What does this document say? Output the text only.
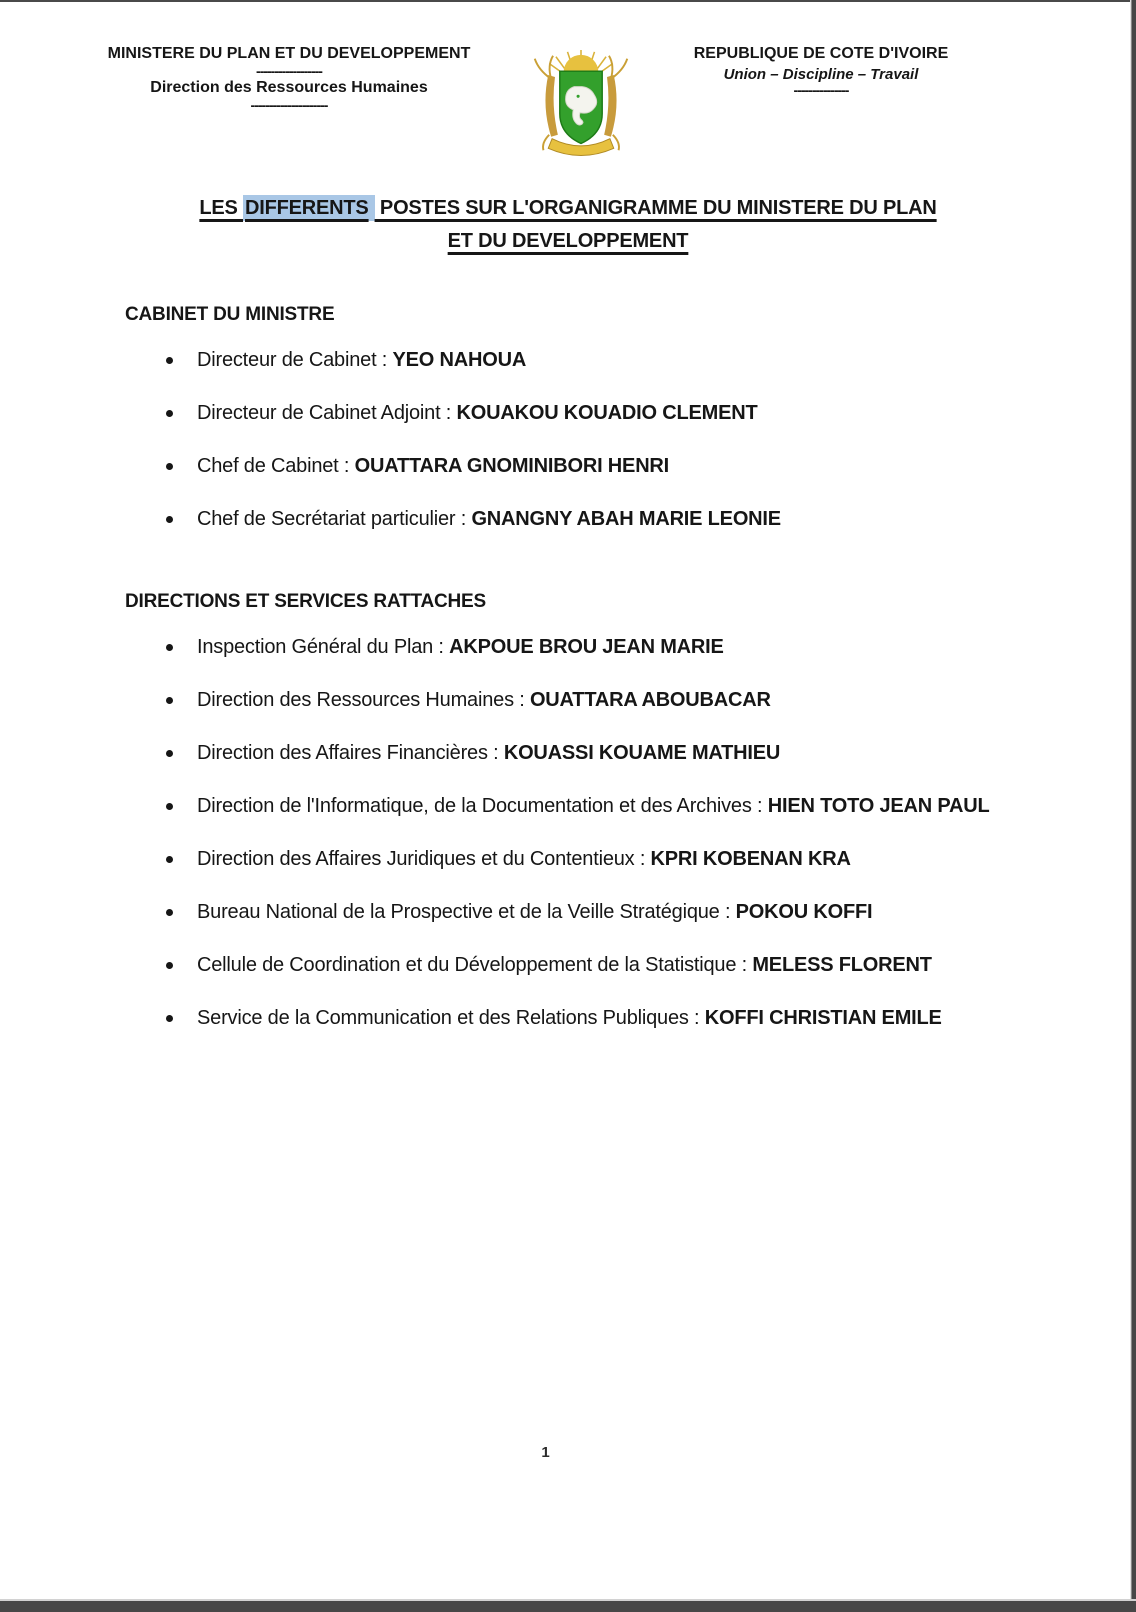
MINISTERE DU PLAN ET DU DEVELOPPEMENT
------------------
Direction des Ressources Humaines
---------------------
REPUBLIQUE DE COTE D'IVOIRE
Union – Discipline – Travail
---------------
LES DIFFERENTS POSTES SUR L'ORGANIGRAMME DU MINISTERE DU PLAN
ET DU DEVELOPPEMENT
CABINET DU MINISTRE
Directeur de Cabinet : YEO NAHOUA
Directeur de Cabinet Adjoint : KOUAKOU KOUADIO CLEMENT
Chef de Cabinet : OUATTARA GNOMINIBORI HENRI
Chef de Secrétariat particulier : GNANGNY ABAH MARIE LEONIE
DIRECTIONS ET SERVICES RATTACHES
Inspection Général du Plan : AKPOUE BROU JEAN MARIE
Direction des Ressources Humaines : OUATTARA ABOUBACAR
Direction des Affaires Financières : KOUASSI KOUAME MATHIEU
Direction de l'Informatique, de la Documentation et des Archives : HIEN TOTO JEAN PAUL
Direction des Affaires Juridiques et du Contentieux : KPRI KOBENAN KRA
Bureau National de la Prospective et de la Veille Stratégique : POKOU KOFFI
Cellule de Coordination et du Développement de la Statistique : MELESS FLORENT
Service de la Communication et des Relations Publiques : KOFFI CHRISTIAN EMILE
1
